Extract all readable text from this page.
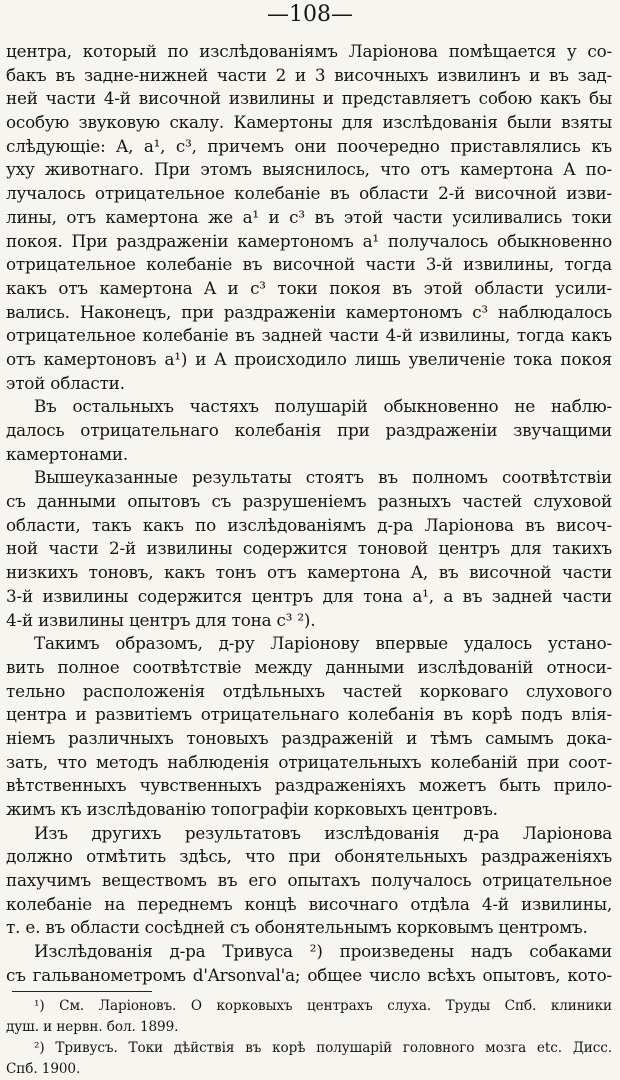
—108—
центра, который по изслѣдованіямъ Ларіонова помѣщается у со-
бакъ въ задне-нижней части 2 и 3 височныхъ извилинъ и въ зад-
ней части 4-й височной извилины и представляетъ собою какъ бы
особую звуковую скалу. Камертоны для изслѣдованія были взяты
слѣдующіе: A, a¹, c³, причемъ они поочередно приставлялись къ
уху животнаго. При этомъ выяснилось, что отъ камертона A по-
лучалось отрицательное колебаніе въ области 2-й височной изви-
лины, отъ камертона же a¹ и c³ въ этой части усиливались токи
покоя. При раздраженіи камертономъ a¹ получалось обыкновенно
отрицательное колебаніе въ височной части 3-й извилины, тогда
какъ отъ камертона A и c³ токи покоя въ этой области усили-
вались. Наконецъ, при раздраженіи камертономъ c³ наблюдалось
отрицательное колебаніе въ задней части 4-й извилины, тогда какъ
отъ камертоновъ a¹) и A происходило лишь увеличеніе тока покоя
этой области.
Въ остальныхъ частяхъ полушарій обыкновенно не наблю-
далось отрицательнаго колебанія при раздраженіи звучащими
камертонами.
Вышеуказанные результаты стоятъ въ полномъ соотвѣтствіи
съ данными опытовъ съ разрушеніемъ разныхъ частей слуховой
области, такъ какъ по изслѣдованіямъ д-ра Ларіонова въ височ-
ной части 2-й извилины содержится тоновой центръ для такихъ
низкихъ тоновъ, какъ тонъ отъ камертона A, въ височной части
3-й извилины содержится центръ для тона a¹, а въ задней части
4-й извилины центръ для тона c³ ²).
Такимъ образомъ, д-ру Ларіонову впервые удалось устано-
вить полное соотвѣтствіе между данными изслѣдованій относи-
тельно расположенія отдѣльныхъ частей корковаго слухового
центра и развитіемъ отрицательнаго колебанія въ корѣ подъ влія-
ніемъ различныхъ тоновыхъ раздраженій и тѣмъ самымъ дока-
зать, что методъ наблюденія отрицательныхъ колебаній при соот-
вѣтственныхъ чувственныхъ раздраженіяхъ можетъ быть прило-
жимъ къ изслѣдованію топографіи корковыхъ центровъ.
Изъ другихъ результатовъ изслѣдованія д-ра Ларіонова
должно отмѣтить здѣсь, что при обонятельныхъ раздраженіяхъ
пахучимъ веществомъ въ его опытахъ получалось отрицательное
колебаніе на переднемъ концѣ височнаго отдѣла 4-й извилины,
т. е. въ области сосѣдней съ обонятельнымъ корковымъ центромъ.
Изслѣдованія д-ра Тривуса ²) произведены надъ собаками
съ гальванометромъ d'Arsonval'a; общее число всѣхъ опытовъ, кото-
¹) См. Ларіоновъ. О корковыхъ центрахъ слуха. Труды Спб. клиники
душ. и нервн. бол. 1899.
²) Тривусъ. Токи дѣйствія въ корѣ полушарій головного мозга etc. Дисс.
Спб. 1900.
